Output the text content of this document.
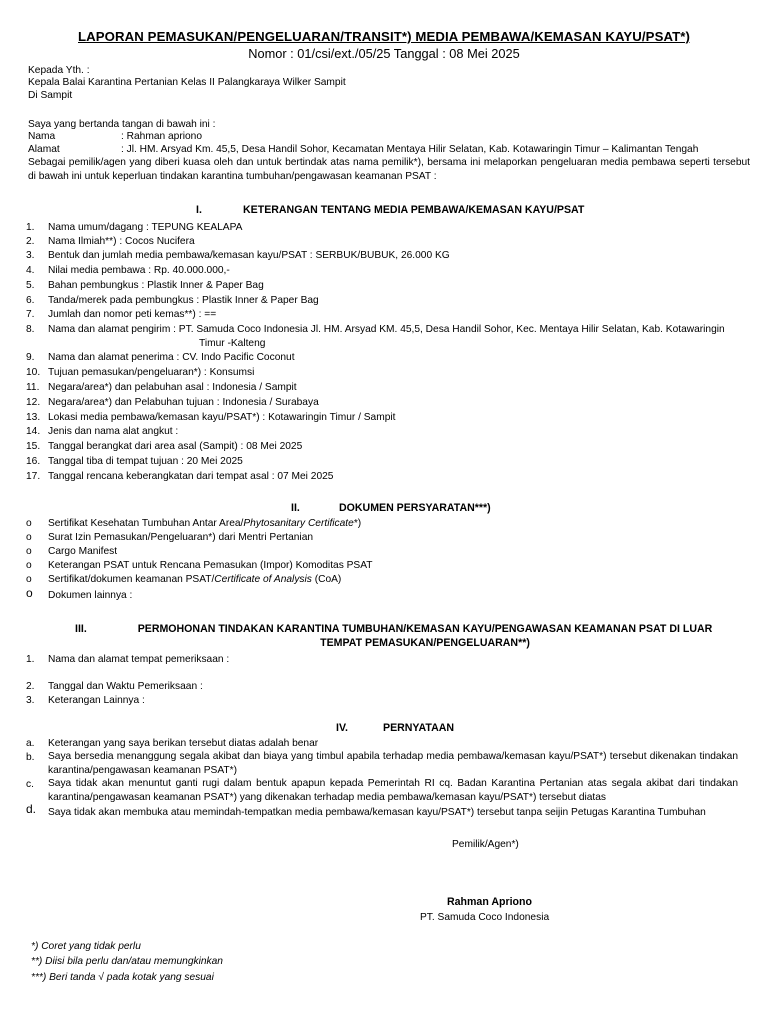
LAPORAN PEMASUKAN/PENGELUARAN/TRANSIT*) MEDIA PEMBAWA/KEMASAN KAYU/PSAT*)
Nomor : 01/csi/ext./05/25 Tanggal : 08 Mei 2025
Kepada Yth. :
Kepala Balai Karantina Pertanian Kelas II Palangkaraya Wilker Sampit
Di Sampit
Saya yang bertanda tangan di bawah ini :
Nama	: Rahman apriono
Alamat	: Jl. HM. Arsyad Km. 45,5, Desa Handil Sohor, Kecamatan Mentaya Hilir Selatan, Kab. Kotawaringin Timur – Kalimantan Tengah
Sebagai pemilik/agen yang diberi kuasa oleh dan untuk bertindak atas nama pemilik*), bersama ini melaporkan pengeluaran media pembawa seperti tersebut di bawah ini untuk keperluan tindakan karantina tumbuhan/pengawasan keamanan PSAT :
I.	KETERANGAN TENTANG MEDIA PEMBAWA/KEMASAN KAYU/PSAT
1. Nama umum/dagang : TEPUNG KEALAPA
2. Nama Ilmiah**) : Cocos Nucifera
3. Bentuk dan jumlah media pembawa/kemasan kayu/PSAT : SERBUK/BUBUK, 26.000 KG
4. Nilai media pembawa : Rp. 40.000.000,-
5. Bahan pembungkus : Plastik Inner & Paper Bag
6. Tanda/merek pada pembungkus : Plastik Inner & Paper Bag
7. Jumlah dan nomor peti kemas**) : ==
8. Nama dan alamat pengirim : PT. Samuda Coco Indonesia Jl. HM. Arsyad KM. 45,5, Desa Handil Sohor, Kec. Mentaya Hilir Selatan, Kab. Kotawaringin
Timur -Kalteng
9. Nama dan alamat penerima : CV. Indo Pacific Coconut
10. Tujuan pemasukan/pengeluaran*) : Konsumsi
11. Negara/area*) dan pelabuhan asal : Indonesia / Sampit
12. Negara/area*) dan Pelabuhan tujuan : Indonesia / Surabaya
13. Lokasi media pembawa/kemasan kayu/PSAT*) : Kotawaringin Timur / Sampit
14. Jenis dan nama alat angkut :
15. Tanggal berangkat dari area asal (Sampit) : 08 Mei 2025
16. Tanggal tiba di tempat tujuan : 20 Mei 2025
17. Tanggal rencana keberangkatan dari tempat asal : 07 Mei 2025
II.	DOKUMEN PERSYARATAN***)
o Sertifikat Kesehatan Tumbuhan Antar Area/Phytosanitary Certificate*)
o Surat Izin Pemasukan/Pengeluaran*) dari Mentri Pertanian
o Cargo Manifest
o Keterangan PSAT untuk Rencana Pemasukan (Impor) Komoditas PSAT
o Sertifikat/dokumen keamanan PSAT/Certificate of Analysis (CoA)
o Dokumen lainnya :
III.	PERMOHONAN TINDAKAN KARANTINA TUMBUHAN/KEMASAN KAYU/PENGAWASAN KEAMANAN PSAT DI LUAR
TEMPAT PEMASUKAN/PENGELUARAN**)
1. Nama dan alamat tempat pemeriksaan :
2. Tanggal dan Waktu Pemeriksaan :
3. Keterangan Lainnya :
IV.	PERNYATAAN
a. Keterangan yang saya berikan tersebut diatas adalah benar
b. Saya bersedia menanggung segala akibat dan biaya yang timbul apabila terhadap media pembawa/kemasan kayu/PSAT*) tersebut dikenakan tindakan karantina/pengawasan keamanan PSAT*)
c. Saya tidak akan menuntut ganti rugi dalam bentuk apapun kepada Pemerintah RI cq. Badan Karantina Pertanian atas segala akibat dari tindakan karantina/pengawasan keamanan PSAT*) yang dikenakan terhadap media pembawa/kemasan kayu/PSAT*) tersebut diatas
d. Saya tidak akan membuka atau memindah-tempatkan media pembawa/kemasan kayu/PSAT*) tersebut tanpa seijin Petugas Karantina Tumbuhan
Pemilik/Agen*)
Rahman Apriono
PT. Samuda Coco Indonesia
*) Coret yang tidak perlu
**) Diisi bila perlu dan/atau memungkinkan
***) Beri tanda √ pada kotak yang sesuai
